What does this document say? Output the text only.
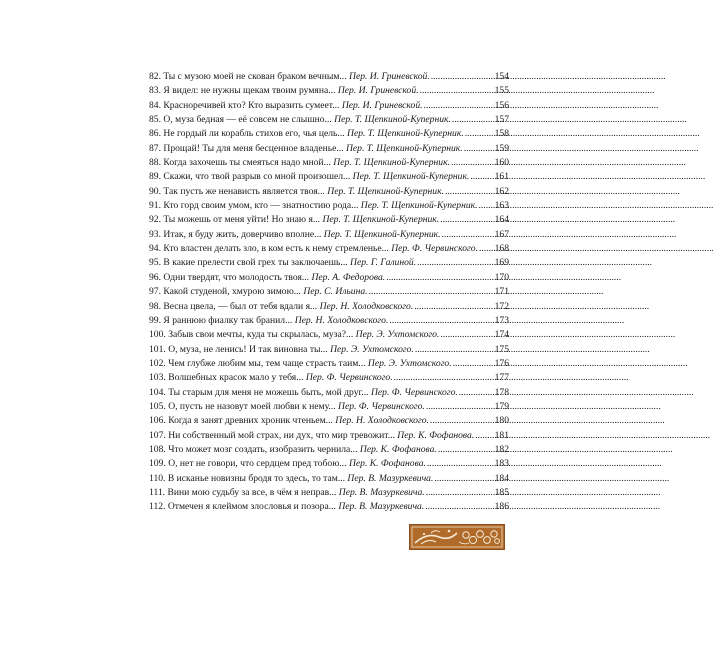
82. Ты с музою моей не скован браком вечным... Пер. И. Гриневской. . . .	154
83. Я видел: не нужны щекам твоим румяна... Пер. И. Гриневской. . . .	155
84. Красноречивей кто? Кто выразить сумеет... Пер. И. Гриневской. . . .	156
85. О, муза бедная — её совсем не слышно... Пер. Т. Щепкиной-Куперник. . . .	157
86. Не гордый ли корабль стихов его, чья цель... Пер. Т. Щепкиной-Куперник. . . .	158
87. Прощай! Ты для меня бесценное владенье... Пер. Т. Щепкиной-Куперник. . . .	159
88. Когда захочешь ты смеяться надо мной... Пер. Т. Щепкиной-Куперник. . . .	160
89. Скажи, что твой разрыв со мной произошел... Пер. Т. Щепкиной-Куперник. . . .	161
90. Так пусть же ненависть является твоя... Пер. Т. Щепкиной-Куперник. . . .	162
91. Кто горд своим умом, кто — знатностию рода... Пер. Т. Щепкиной-Куперник. . . . 163
92. Ты можешь от меня уйти! Но знаю я... Пер. Т. Щепкиной-Куперник. . . .	164
93. Итак, я буду жить, доверчиво вполне... Пер. Т. Щепкиной-Куперник. . . .	167
94. Кто властен делать зло, в ком есть к нему стремленье... Пер. Ф. Червинского. . . . 168
95. В какие прелести свой грех ты заключаешь... Пер. Г. Галиной. . . .	169
96. Одни твердят, что молодость твоя... Пер. А. Федорова. . . .	170
97. Какой студеной, хмурою зимою... Пер. С. Ильина. . . .	171
98. Весна цвела, — был от тебя вдали я... Пер. Н. Холодковского. . . .	172
99. Я раннюю фиалку так бранил... Пер. Н. Холодковского. . . .	173
100. Забыв свои мечты, куда ты скрылась, муза?... Пер. Э. Ухтомского. . . .	174
101. О, муза, не ленись! И так виновна ты... Пер. Э. Ухтомского. . . .	175
102. Чем глубже любим мы, тем чаще страсть таим... Пер. Э. Ухтомского. . . .	176
103. Волшебных красок мало у тебя... Пер. Ф. Червинского. . . .	177
104. Ты старым для меня не можешь быть, мой друг... Пер. Ф. Червинского. . . .	178
105. О, пусть не назовут моей любви к нему... Пер. Ф. Червинского. . . .	179
106. Когда я занят древних хроник чтеньем... Пер. Н. Холодковского. . . .	180
107. Ни собственный мой страх, ни дух, что мир тревожит... Пер. К. Фофанова. . . . 181
108. Что может мозг создать, изобразить чернила... Пер. К. Фофанова. . . .	182
109. О, нет не говори, что сердцем пред тобою... Пер. К. Фофанова. . . .	183
110. В исканье новизны бродя то здесь, то там... Пер. В. Мазуркевича. . . .	184
111. Вини мою судьбу за все, в чём я неправ... Пер. В. Мазуркевича. . . .	185
112. Отмечен я клеймом злословья и позора... Пер. В. Мазуркевича. . . .	186
